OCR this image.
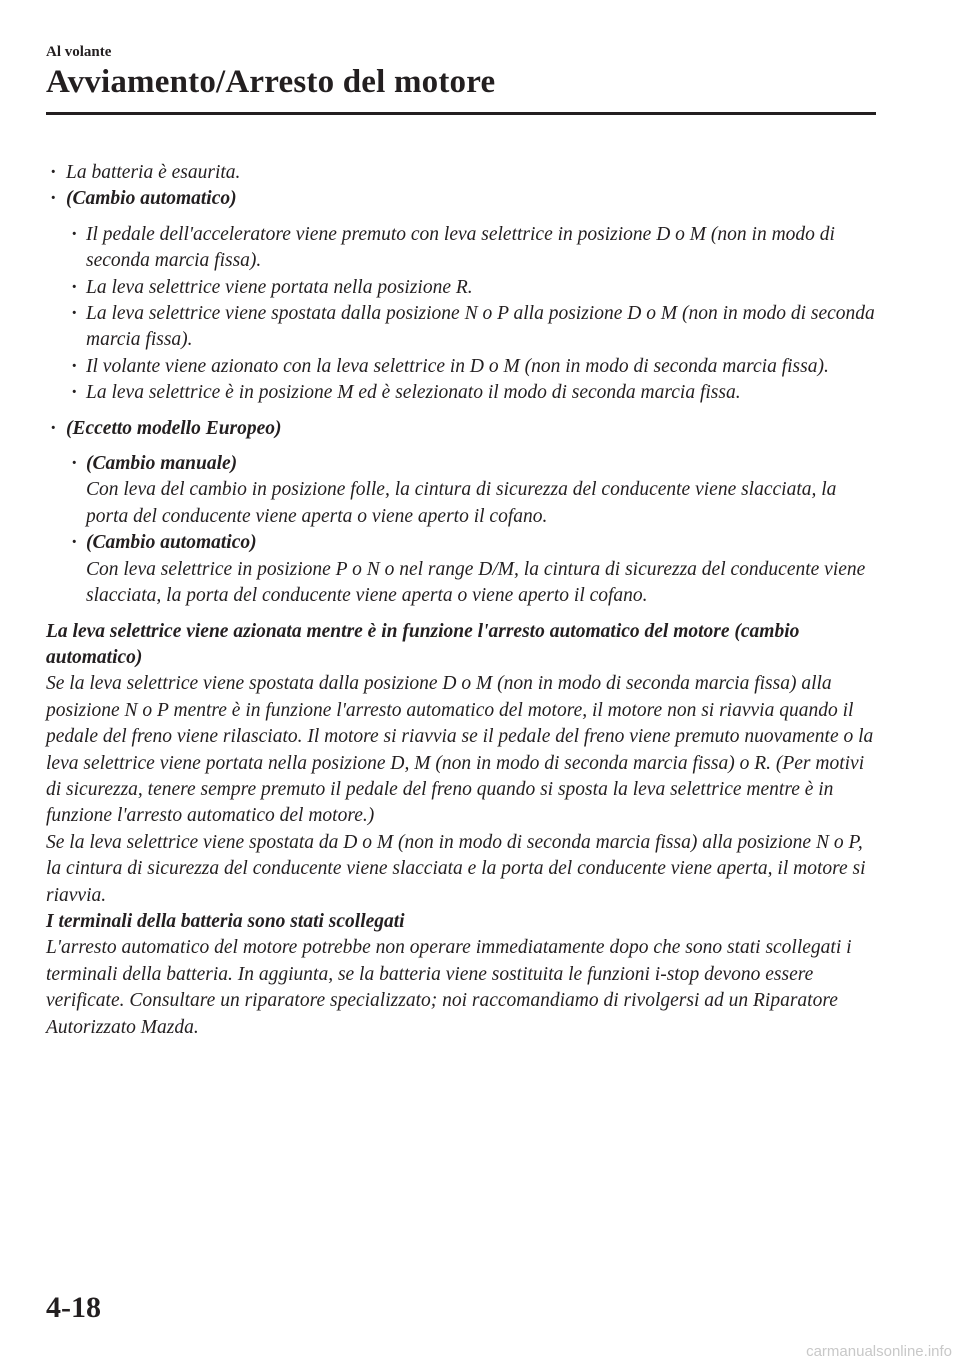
Al volante
Avviamento/Arresto del motore
· La batteria è esaurita.
· (Cambio automatico)
· Il pedale dell'acceleratore viene premuto con leva selettrice in posizione D o M (non in modo di seconda marcia fissa).
· La leva selettrice viene portata nella posizione R.
· La leva selettrice viene spostata dalla posizione N o P alla posizione D o M (non in modo di seconda marcia fissa).
· Il volante viene azionato con la leva selettrice in D o M (non in modo di seconda marcia fissa).
· La leva selettrice è in posizione M ed è selezionato il modo di seconda marcia fissa.
· (Eccetto modello Europeo)
· (Cambio manuale)
Con leva del cambio in posizione folle, la cintura di sicurezza del conducente viene slacciata, la porta del conducente viene aperta o viene aperto il cofano.
· (Cambio automatico)
Con leva selettrice in posizione P o N o nel range D/M, la cintura di sicurezza del conducente viene slacciata, la porta del conducente viene aperta o viene aperto il cofano.
La leva selettrice viene azionata mentre è in funzione l'arresto automatico del motore (cambio automatico)
Se la leva selettrice viene spostata dalla posizione D o M (non in modo di seconda marcia fissa) alla posizione N o P mentre è in funzione l'arresto automatico del motore, il motore non si riavvia quando il pedale del freno viene rilasciato. Il motore si riavvia se il pedale del freno viene premuto nuovamente o la leva selettrice viene portata nella posizione D, M (non in modo di seconda marcia fissa) o R. (Per motivi di sicurezza, tenere sempre premuto il pedale del freno quando si sposta la leva selettrice mentre è in funzione l'arresto automatico del motore.)
Se la leva selettrice viene spostata da D o M (non in modo di seconda marcia fissa) alla posizione N o P, la cintura di sicurezza del conducente viene slacciata e la porta del conducente viene aperta, il motore si riavvia.
I terminali della batteria sono stati scollegati
L'arresto automatico del motore potrebbe non operare immediatamente dopo che sono stati scollegati i terminali della batteria. In aggiunta, se la batteria viene sostituita le funzioni i-stop devono essere verificate. Consultare un riparatore specializzato; noi raccomandiamo di rivolgersi ad un Riparatore Autorizzato Mazda.
4-18
carmanualsonline.info
